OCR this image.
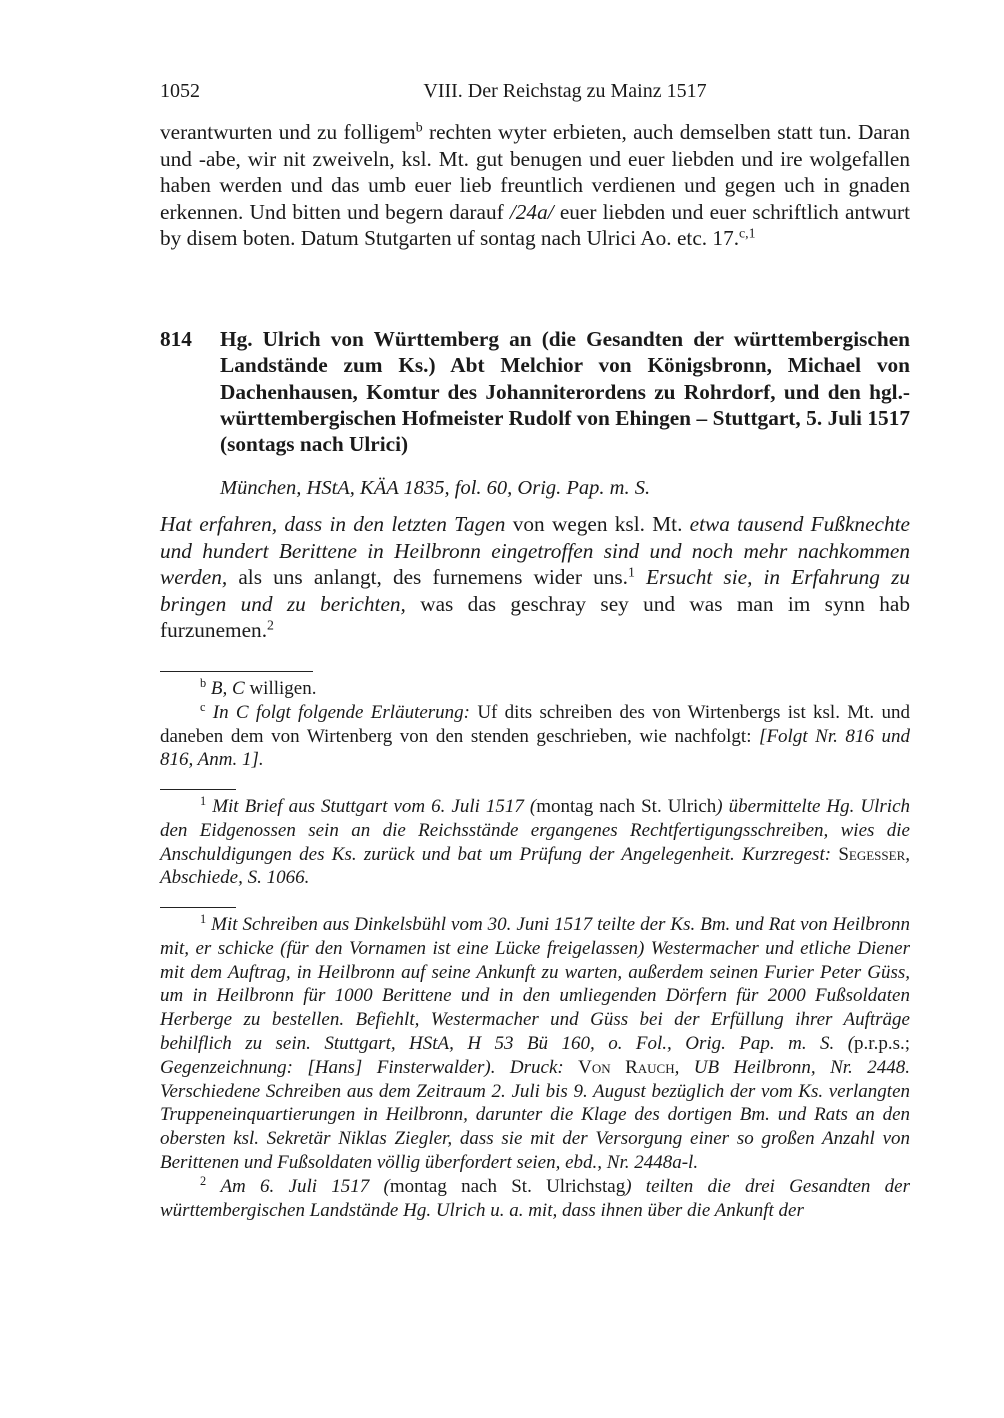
1052	VIII. Der Reichstag zu Mainz 1517

verantwurten und zu folligem$^b$ rechten wyter erbieten, auch demselben statt tun. Daran und -abe, wir nit zweiveln, ksl. Mt. gut benugen und euer liebden und ire wolgefallen haben werden und das umb euer lieb freuntlich verdienen und gegen uch in gnaden erkennen. Und bitten und begern darauf /24a/ euer liebden und euer schriftlich antwurt by disem boten. Datum Stutgarten uf sontag nach Ulrici Ao. etc. 17.$^{c,1}$

814 Hg. Ulrich von Württemberg an (die Gesandten der württembergischen Landstände zum Ks.) Abt Melchior von Königsbronn, Michael von Dachenhausen, Komtur des Johanniterordens zu Rohrdorf, und den hgl.-württembergischen Hofmeister Rudolf von Ehingen – Stuttgart, 5. Juli 1517 (sontags nach Ulrici)
München, HStA, KÄA 1835, fol. 60, Orig. Pap. m. S.

Hat erfahren, dass in den letzten Tagen von wegen ksl. Mt. etwa tausend Fußknechte und hundert Berittene in Heilbronn eingetroffen sind und noch mehr nachkommen werden, als uns anlangt, des furnemens wider uns.$^1$ Ersucht sie, in Erfahrung zu bringen und zu berichten, was das geschray sey und was man im synn hab furzunemen.$^2$

$^b$ B, C willigen.

$^c$ In C folgt folgende Erläuterung: Uf dits schreiben des von Wirtenbergs ist ksl. Mt. und daneben dem von Wirtenberg von den stenden geschrieben, wie nachfolgt: [Folgt Nr. 816 und 816, Anm. 1].

$^1$ Mit Brief aus Stuttgart vom 6. Juli 1517 (montag nach St. Ulrich) übermittelte Hg. Ulrich den Eidgenossen sein an die Reichsstände ergangenes Rechtfertigungsschreiben, wies die Anschuldigungen des Ks. zurück und bat um Prüfung der Angelegenheit. Kurzregest: Segesser, Abschiede, S. 1066.

$^1$ Mit Schreiben aus Dinkelsbühl vom 30. Juni 1517 teilte der Ks. Bm. und Rat von Heilbronn mit, er schicke (für den Vornamen ist eine Lücke freigelassen) Westermacher und etliche Diener mit dem Auftrag, in Heilbronn auf seine Ankunft zu warten, außerdem seinen Furier Peter Güss, um in Heilbronn für 1000 Berittene und in den umliegenden Dörfern für 2000 Fußsoldaten Herberge zu bestellen. Befiehlt, Westermacher und Güss bei der Erfüllung ihrer Aufträge behilflich zu sein. Stuttgart, HStA, H 53 Bü 160, o. Fol., Orig. Pap. m. S. (p.r.p.s.; Gegenzeichnung: [Hans] Finsterwalder). Druck: Von Rauch, UB Heilbronn, Nr. 2448. Verschiedene Schreiben aus dem Zeitraum 2. Juli bis 9. August bezüglich der vom Ks. verlangten Truppeneinquartierungen in Heilbronn, darunter die Klage des dortigen Bm. und Rats an den obersten ksl. Sekretär Niklas Ziegler, dass sie mit der Versorgung einer so großen Anzahl von Berittenen und Fußsoldaten völlig überfordert seien, ebd., Nr. 2448a-l.

$^2$ Am 6. Juli 1517 (montag nach St. Ulrichstag) teilten die drei Gesandten der württembergischen Landstände Hg. Ulrich u. a. mit, dass ihnen über die Ankunft der
